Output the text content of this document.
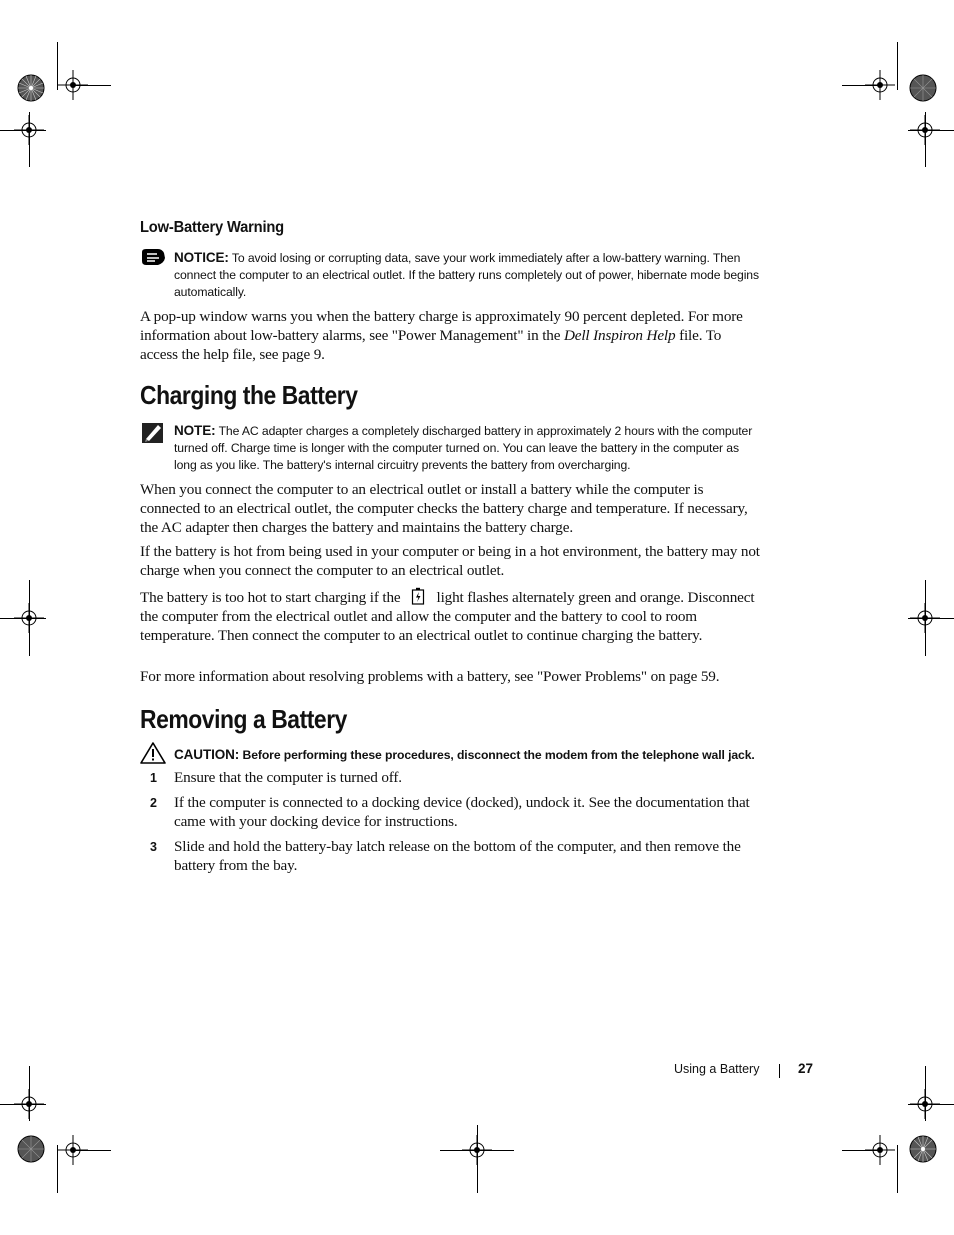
Low-Battery Warning
NOTICE: To avoid losing or corrupting data, save your work immediately after a low-battery warning. Then connect the computer to an electrical outlet. If the battery runs completely out of power, hibernate mode begins automatically.
A pop-up window warns you when the battery charge is approximately 90 percent depleted. For more information about low-battery alarms, see "Power Management" in the Dell Inspiron Help file. To access the help file, see page 9.
Charging the Battery
NOTE: The AC adapter charges a completely discharged battery in approximately 2 hours with the computer turned off. Charge time is longer with the computer turned on. You can leave the battery in the computer as long as you like. The battery's internal circuitry prevents the battery from overcharging.
When you connect the computer to an electrical outlet or install a battery while the computer is connected to an electrical outlet, the computer checks the battery charge and temperature. If necessary, the AC adapter then charges the battery and maintains the battery charge.
If the battery is hot from being used in your computer or being in a hot environment, the battery may not charge when you connect the computer to an electrical outlet.
The battery is too hot to start charging if the light flashes alternately green and orange. Disconnect the computer from the electrical outlet and allow the computer and the battery to cool to room temperature. Then connect the computer to an electrical outlet to continue charging the battery.
For more information about resolving problems with a battery, see "Power Problems" on page 59.
Removing a Battery
CAUTION: Before performing these procedures, disconnect the modem from the telephone wall jack.
1 Ensure that the computer is turned off.
2 If the computer is connected to a docking device (docked), undock it. See the documentation that came with your docking device for instructions.
3 Slide and hold the battery-bay latch release on the bottom of the computer, and then remove the battery from the bay.
Using a Battery	27
